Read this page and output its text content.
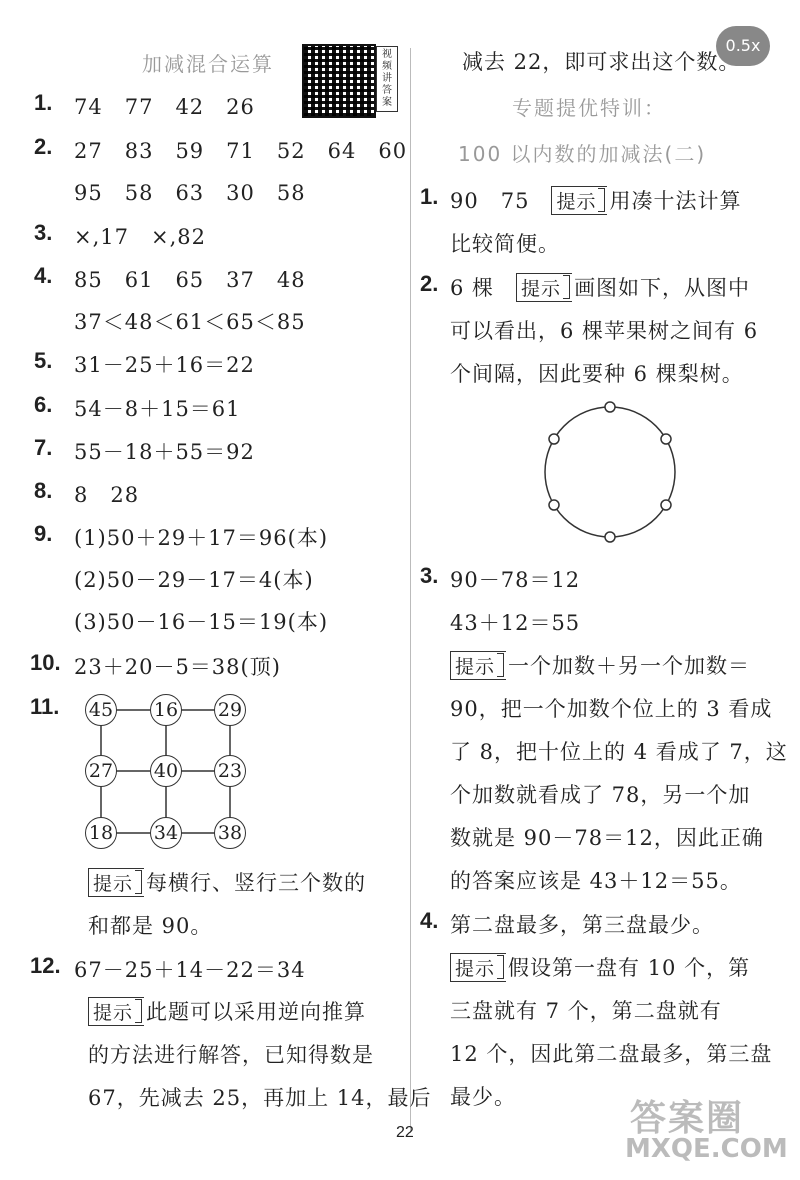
0.5x
加减混合运算	视频讲答案
1. 74　77　42　26
2. 27　83　59　71　52　64　60
95　58　63　30　58
3. ×,17　×,82
4. 85　61　65　37　48
37＜48＜61＜65＜85
5. 31－25＋16＝22
6. 54－8＋15＝61
7. 55－18＋55＝92
8. 8　28
9. (1)50＋29＋17＝96(本)
(2)50－29－17＝4(本)
(3)50－16－15＝19(本)
10. 23＋20－5＝38(顶)
11. 45 16 29
27 40 23
18 34 38
提示 每横行、竖行三个数的
和都是 90。
12. 67－25＋14－22＝34
提示 此题可以采用逆向推算
的方法进行解答，已知得数是
67，先减去 25，再加上 14，最后
减去 22，即可求出这个数。
专题提优特训：
100 以内数的加减法(二)
1. 90　75　 提示 用凑十法计算
比较简便。
2. 6 棵　 提示 画图如下，从图中
可以看出，6 棵苹果树之间有 6
个间隔，因此要种 6 棵梨树。
3. 90－78＝12
43＋12＝55
提示 一个加数＋另一个加数＝
90，把一个加数个位上的 3 看成
了 8，把十位上的 4 看成了 7，这
个加数就看成了 78，另一个加
数就是 90－78＝12，因此正确
的答案应该是 43＋12＝55。
4. 第二盘最多，第三盘最少。
提示 假设第一盘有 10 个，第
三盘就有 7 个，第二盘就有
12 个，因此第二盘最多，第三盘
最少。
22	答案圈
MXQE.COM
